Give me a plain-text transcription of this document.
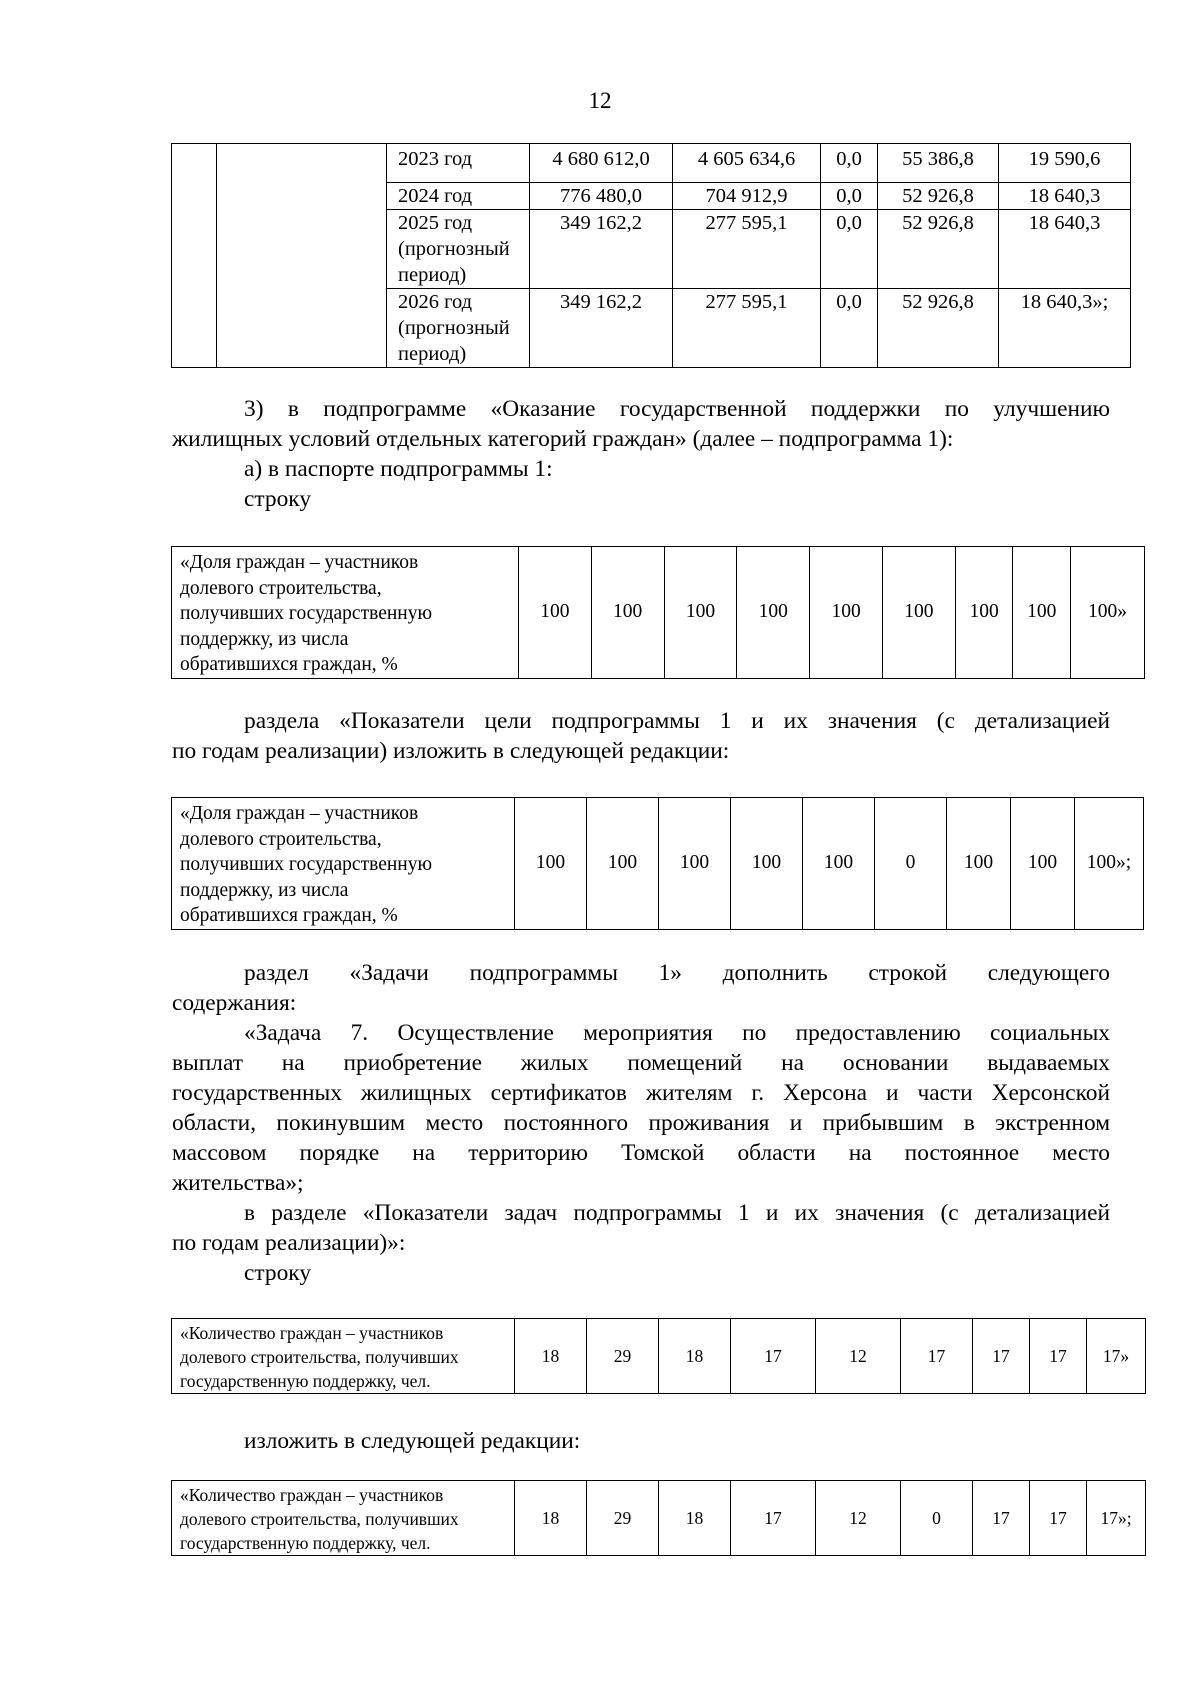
12

		2023 год	4 680 612,0	4 605 634,6	0,0	55 386,8	19 590,6

		2024 год	776 480,0	704 912,9	0,0	52 926,8	18 640,3

		2025 год
(прогнозный
период)	349 162,2	277 595,1	0,0	52 926,8	18 640,3

		2026 год
(прогнозный
период)	349 162,2	277 595,1	0,0	52 926,8	18 640,3»;
3) в подпрограмме «Оказание государственной поддержки по улучшению
жилищных условий отдельных категорий граждан» (далее – подпрограмма 1):
а) в паспорте подпрограммы 1:
строку
«Доля граждан – участников
долевого строительства,
получивших государственную
поддержку, из числа
обратившихся граждан, %
	100	100	100	100	100	100	100	100	100»
раздела «Показатели цели подпрограммы 1 и их значения (с детализацией
по годам реализации) изложить в следующей редакции:
«Доля граждан – участников
долевого строительства,
получивших государственную
поддержку, из числа
обратившихся граждан, %
	100	100	100	100	100	0	100	100	100»;
раздел «Задачи подпрограммы 1» дополнить строкой следующего
содержания:
«Задача 7. Осуществление мероприятия по предоставлению социальных
выплат на приобретение жилых помещений на основании выдаваемых
государственных жилищных сертификатов жителям г. Херсона и части Херсонской
области, покинувшим место постоянного проживания и прибывшим в экстренном
массовом порядке на территорию Томской области на постоянное место
жительства»;
в разделе «Показатели задач подпрограммы 1 и их значения (с детализацией
по годам реализации)»:
строку
«Количество граждан – участников
долевого строительства, получивших
государственную поддержку, чел.
	18	29	18	17	12	17	17	17	17»
изложить в следующей редакции:
«Количество граждан – участников
долевого строительства, получивших
государственную поддержку, чел.
	18	29	18	17	12	0	17	17	17»;
